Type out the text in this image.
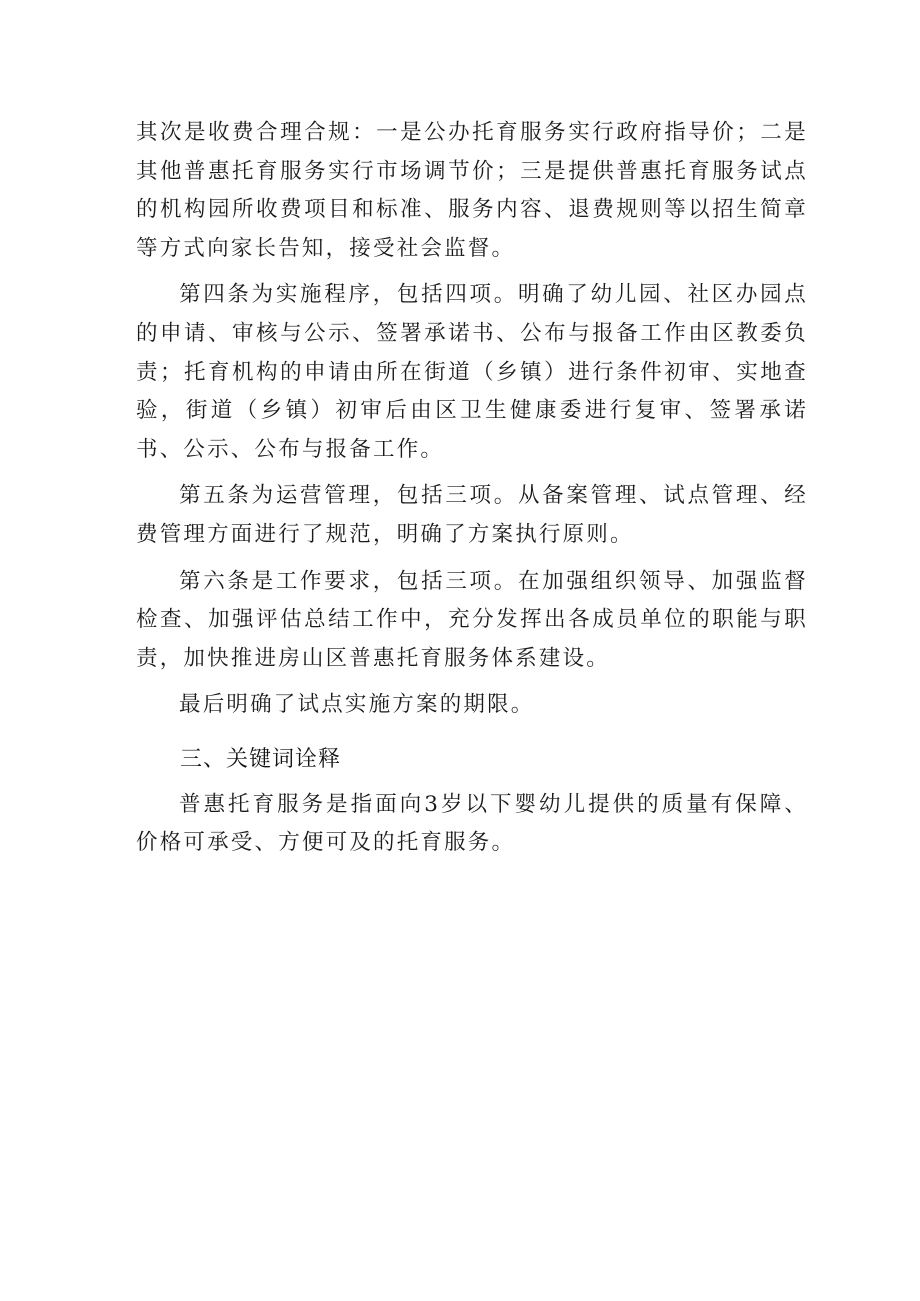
其次是收费合理合规：一是公办托育服务实行政府指导价；二是其他普惠托育服务实行市场调节价；三是提供普惠托育服务试点的机构园所收费项目和标准、服务内容、退费规则等以招生简章等方式向家长告知，接受社会监督。

第四条为实施程序，包括四项。明确了幼儿园、社区办园点的申请、审核与公示、签署承诺书、公布与报备工作由区教委负责；托育机构的申请由所在街道（乡镇）进行条件初审、实地查验，街道（乡镇）初审后由区卫生健康委进行复审、签署承诺书、公示、公布与报备工作。

第五条为运营管理，包括三项。从备案管理、试点管理、经费管理方面进行了规范，明确了方案执行原则。

第六条是工作要求，包括三项。在加强组织领导、加强监督检查、加强评估总结工作中，充分发挥出各成员单位的职能与职责，加快推进房山区普惠托育服务体系建设。

最后明确了试点实施方案的期限。

三、关键词诠释

普惠托育服务是指面向3岁以下婴幼儿提供的质量有保障、价格可承受、方便可及的托育服务。
